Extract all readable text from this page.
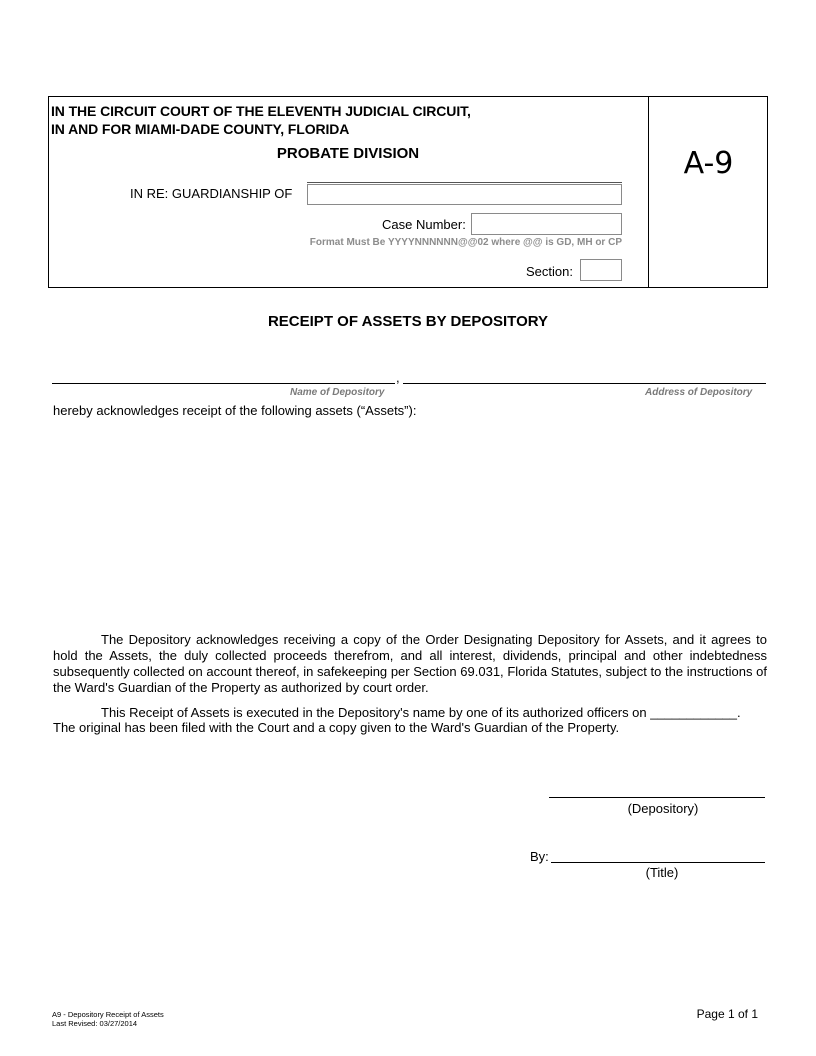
IN THE CIRCUIT COURT OF THE ELEVENTH JUDICIAL CIRCUIT,
IN AND FOR MIAMI-DADE COUNTY, FLORIDA
PROBATE DIVISION	A-9
IN RE: GUARDIANSHIP OF
Case Number:
Format Must Be YYYYNNNNNN@@02 where @@ is GD, MH or CP
Section:
RECEIPT OF ASSETS BY DEPOSITORY
,
Name of Depository	Address of Depository
hereby acknowledges receipt of the following assets (“Assets”):
The Depository acknowledges receiving a copy of the Order Designating Depository for Assets, and it agrees to hold the Assets, the duly collected proceeds therefrom, and all interest, dividends, principal and other indebtedness subsequently collected on account thereof, in safekeeping per Section 69.031, Florida Statutes, subject to the instructions of the Ward's Guardian of the Property as authorized by court order.
This Receipt of Assets is executed in the Depository's name by one of its authorized officers on ____________.
The original has been filed with the Court and a copy given to the Ward's Guardian of the Property.
(Depository)
By:
(Title)
A9 - Depository Receipt of Assets
Last Revised: 03/27/2014
Page 1 of 1
